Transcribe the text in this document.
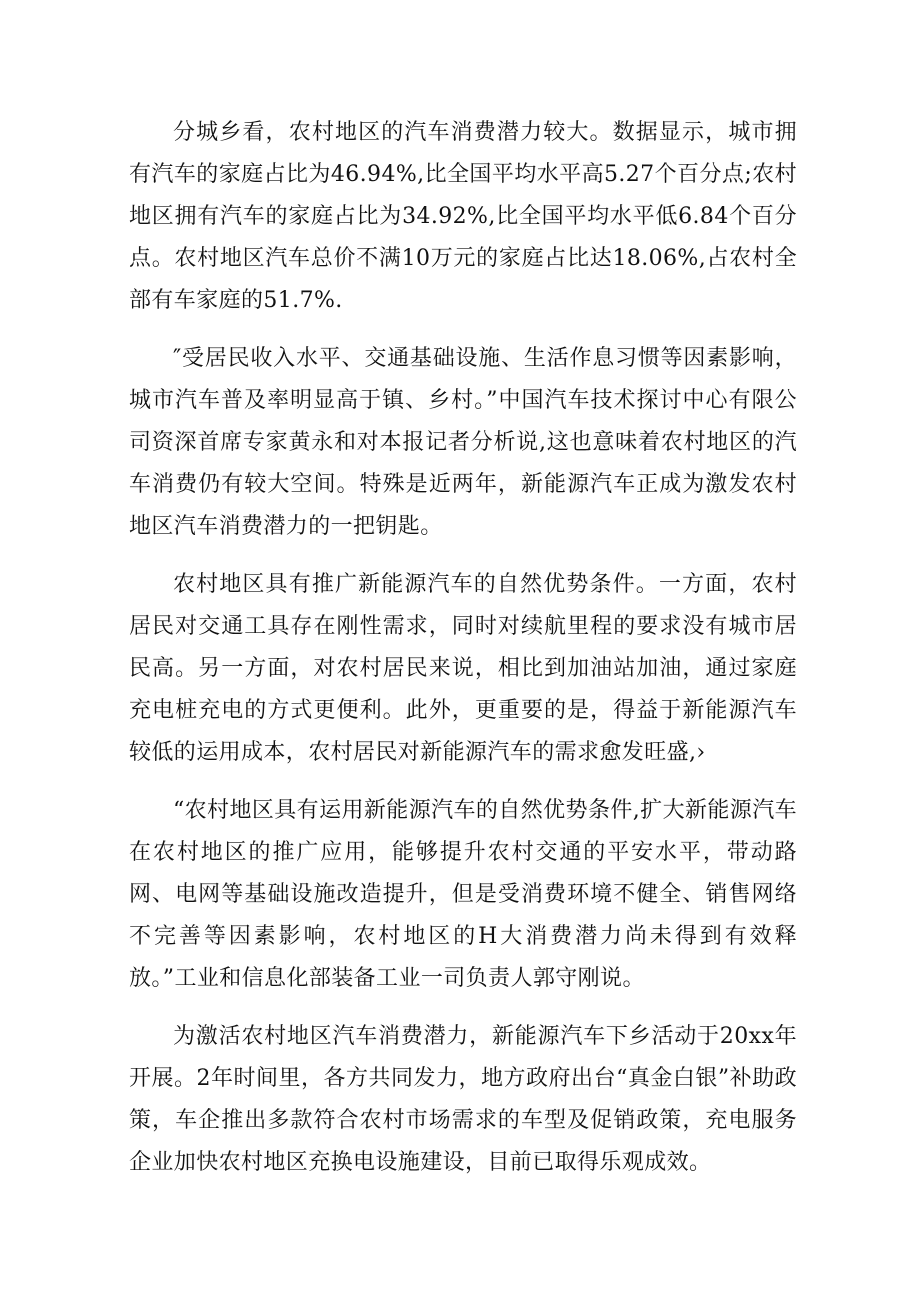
分城乡看，农村地区的汽车消费潜力较大。数据显示，城市拥有汽车的家庭占比为46.94%,比全国平均水平高5.27个百分点;农村地区拥有汽车的家庭占比为34.92%,比全国平均水平低6.84个百分点。农村地区汽车总价不满10万元的家庭占比达18.06%,占农村全部有车家庭的51.7%.

″受居民收入水平、交通基础设施、生活作息习惯等因素影响，城市汽车普及率明显高于镇、乡村。”中国汽车技术探讨中心有限公司资深首席专家黄永和对本报记者分析说,这也意味着农村地区的汽车消费仍有较大空间。特殊是近两年，新能源汽车正成为激发农村地区汽车消费潜力的一把钥匙。

农村地区具有推广新能源汽车的自然优势条件。一方面，农村居民对交通工具存在刚性需求，同时对续航里程的要求没有城市居民高。另一方面，对农村居民来说，相比到加油站加油，通过家庭充电桩充电的方式更便利。此外，更重要的是，得益于新能源汽车较低的运用成本，农村居民对新能源汽车的需求愈发旺盛,›

“农村地区具有运用新能源汽车的自然优势条件,扩大新能源汽车在农村地区的推广应用，能够提升农村交通的平安水平，带动路网、电网等基础设施改造提升，但是受消费环境不健全、销售网络不完善等因素影响，农村地区的H大消费潜力尚未得到有效释放。”工业和信息化部装备工业一司负责人郭守刚说。

为激活农村地区汽车消费潜力，新能源汽车下乡活动于20xx年开展。2年时间里，各方共同发力，地方政府出台“真金白银”补助政策，车企推出多款符合农村市场需求的车型及促销政策，充电服务企业加快农村地区充换电设施建设，目前已取得乐观成效。
